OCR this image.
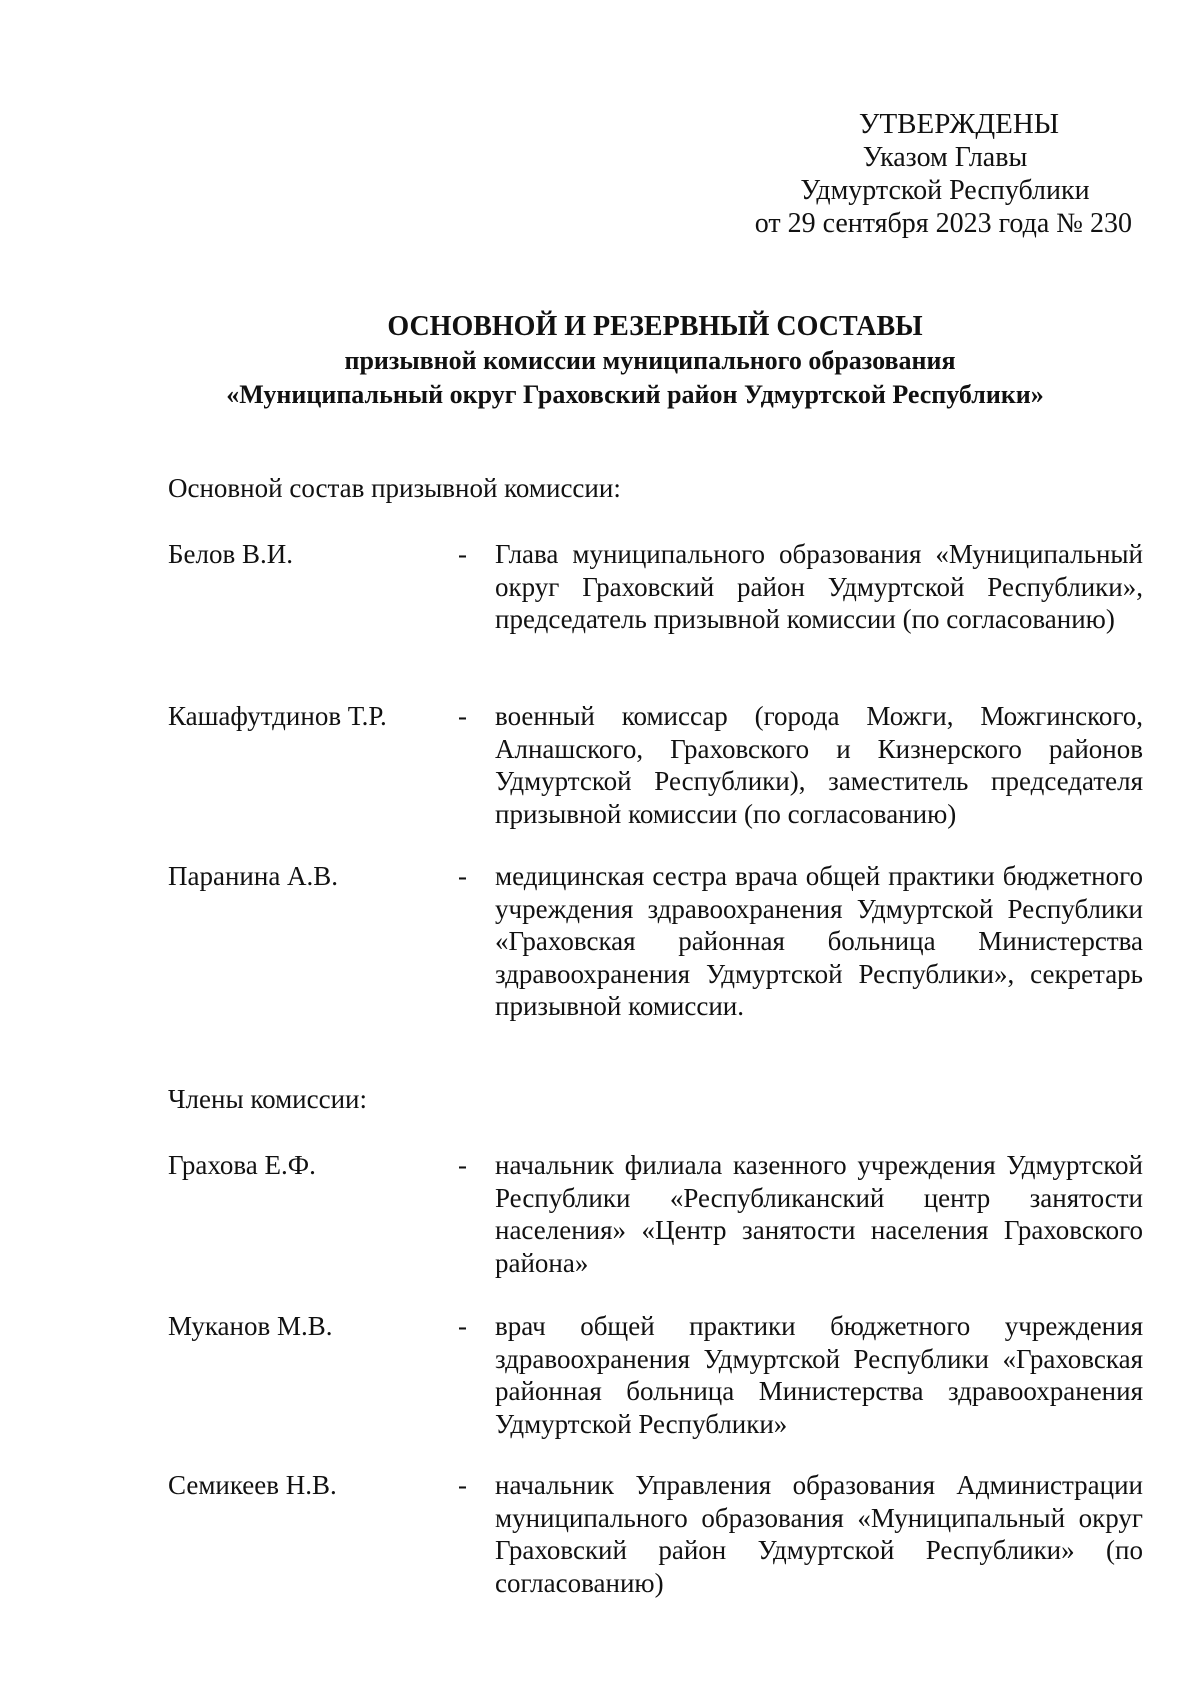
УТВЕРЖДЕНЫ
Указом Главы
Удмуртской Республики
от 29 сентября 2023 года № 230
ОСНОВНОЙ И РЕЗЕРВНЫЙ СОСТАВЫ
призывной комиссии муниципального образования
«Муниципальный округ Граховский район Удмуртской Республики»
Основной состав призывной комиссии:
Белов В.И.	- Глава муниципального образования «Муниципальный округ Граховский район Удмуртской Республики», председатель призывной комиссии (по согласованию)
Кашафутдинов Т.Р.	- военный комиссар (города Можги, Можгинского, Алнашского, Граховского и Кизнерского районов Удмуртской Республики), заместитель председателя призывной комиссии (по согласованию)
Паранина А.В.	- медицинская сестра врача общей практики бюджетного учреждения здравоохранения Удмуртской Республики «Граховская районная больница Министерства здравоохранения Удмуртской Республики», секретарь призывной комиссии.
Члены комиссии:
Грахова Е.Ф.	- начальник филиала казенного учреждения Удмуртской Республики «Республиканский центр занятости населения» «Центр занятости населения Граховского района»
Муканов М.В.	- врач общей практики бюджетного учреждения здравоохранения Удмуртской Республики «Граховская районная больница Министерства здравоохранения Удмуртской Республики»
Семикеев Н.В.	- начальник Управления образования Администрации муниципального образования «Муниципальный округ Граховский район Удмуртской Республики» (по согласованию)
